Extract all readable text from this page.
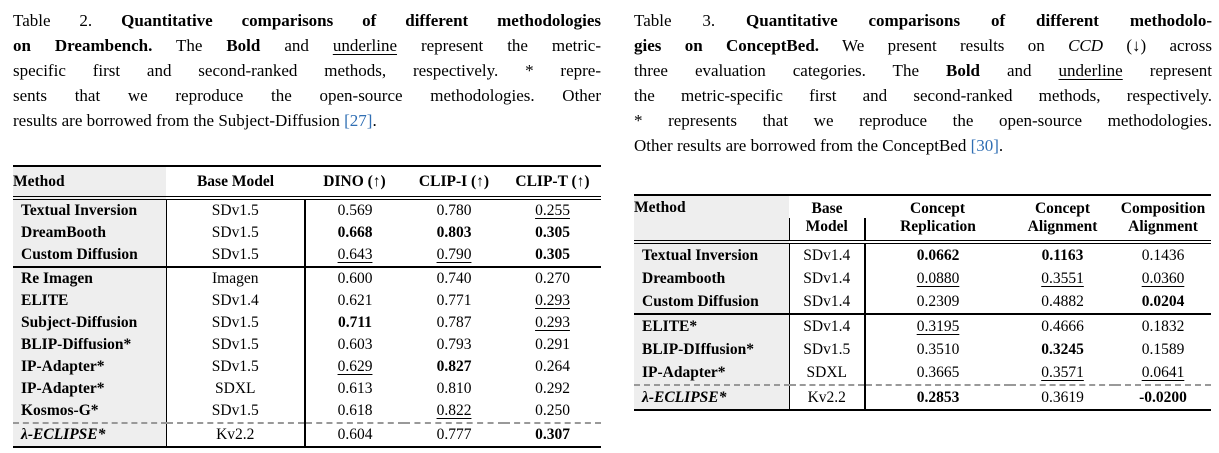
Table 2. Quantitative comparisons of different methodologies
on Dreambench. The Bold and underline represent the metric-
specific first and second-ranked methods, respectively. * repre-
sents that we reproduce the open-source methodologies. Other
results are borrowed from the Subject-Diffusion [27].
Method	Base Model	DINO (↑)	CLIP-I (↑)	CLIP-T (↑)
Textual Inversion	SDv1.5	0.569	0.780	0.255
DreamBooth	SDv1.5	0.668	0.803	0.305
Custom Diffusion	SDv1.5	0.643	0.790	0.305
Re Imagen	Imagen	0.600	0.740	0.270
ELITE	SDv1.4	0.621	0.771	0.293
Subject-Diffusion	SDv1.5	0.711	0.787	0.293
BLIP-Diffusion*	SDv1.5	0.603	0.793	0.291
IP-Adapter*	SDv1.5	0.629	0.827	0.264
IP-Adapter*	SDXL	0.613	0.810	0.292
Kosmos-G*	SDv1.5	0.618	0.822	0.250
λ-ECLIPSE*	Kv2.2	0.604	0.777	0.307
Table 3. Quantitative comparisons of different methodolo-
gies on ConceptBed. We present results on CCD (↓) across
three evaluation categories. The Bold and underline represent
the metric-specific first and second-ranked methods, respectively.
* represents that we reproduce the open-source methodologies.
Other results are borrowed from the ConceptBed [30].
Method	Base	Concept	Concept	Composition
	Model	Replication	Alignment	Alignment
Textual Inversion	SDv1.4	0.0662	0.1163	0.1436
Dreambooth	SDv1.4	0.0880	0.3551	0.0360
Custom Diffusion	SDv1.4	0.2309	0.4882	0.0204
ELITE*	SDv1.4	0.3195	0.4666	0.1832
BLIP-DIffusion*	SDv1.5	0.3510	0.3245	0.1589
IP-Adapter*	SDXL	0.3665	0.3571	0.0641
λ-ECLIPSE*	Kv2.2	0.2853	0.3619	-0.0200
